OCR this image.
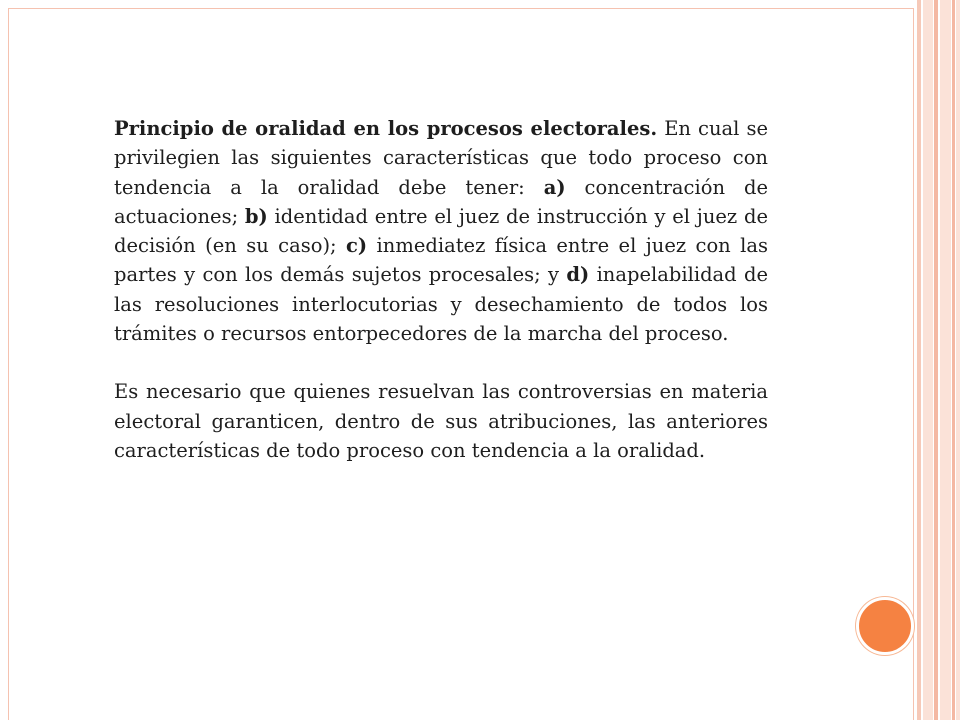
Principio de oralidad en los procesos electorales. En cual se privilegien las siguientes características que todo proceso con tendencia a la oralidad debe tener: a) concentración de actuaciones; b) identidad entre el juez de instrucción y el juez de decisión (en su caso); c) inmediatez física entre el juez con las partes y con los demás sujetos procesales; y d) inapelabilidad de las resoluciones interlocutorias y desechamiento de todos los trámites o recursos entorpecedores de la marcha del proceso.

Es necesario que quienes resuelvan las controversias en materia electoral garanticen, dentro de sus atribuciones, las anteriores características de todo proceso con tendencia a la oralidad.
